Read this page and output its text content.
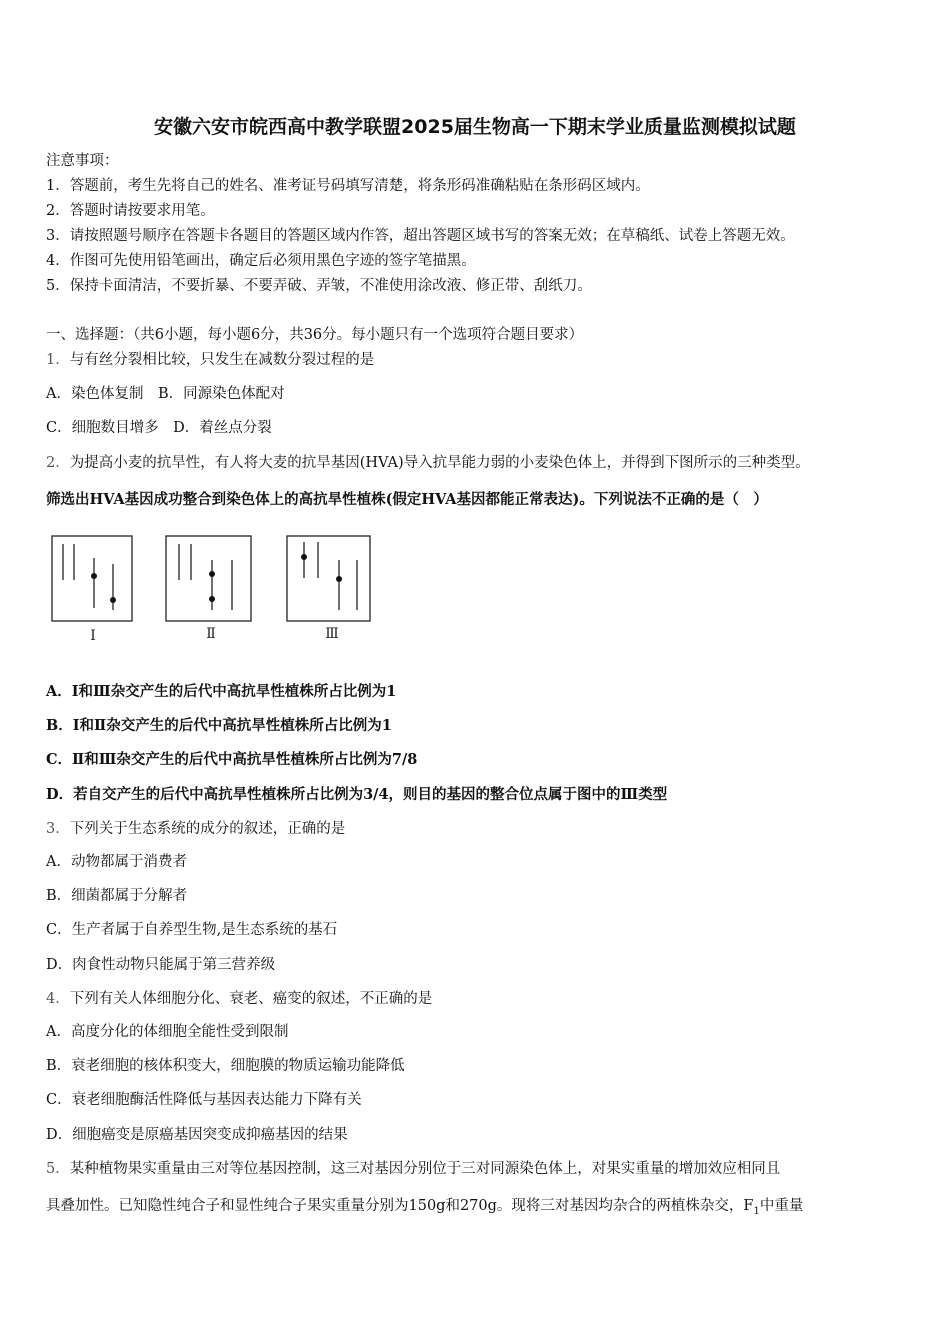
安徽六安市皖西高中教学联盟2025届生物高一下期末学业质量监测模拟试题
注意事项：
1．答题前，考生先将自己的姓名、准考证号码填写清楚，将条形码准确粘贴在条形码区域内。
2．答题时请按要求用笔。
3．请按照题号顺序在答题卡各题目的答题区域内作答，超出答题区域书写的答案无效；在草稿纸、试卷上答题无效。
4．作图可先使用铅笔画出，确定后必须用黑色字迹的签字笔描黑。
5．保持卡面清洁，不要折暴、不要弄破、弄皱，不准使用涂改液、修正带、刮纸刀。
一、选择题：（共6小题，每小题6分，共36分。每小题只有一个选项符合题目要求）
1．与有丝分裂相比较，只发生在减数分裂过程的是
A．染色体复制　B．同源染色体配对
C．细胞数目增多　D．着丝点分裂
2．为提高小麦的抗旱性，有人将大麦的抗旱基因(HVA)导入抗旱能力弱的小麦染色体上，并得到下图所示的三种类型。
筛选出HVA基因成功整合到染色体上的高抗旱性植株(假定HVA基因都能正常表达)。下列说法不正确的是（　）
Ⅰ	Ⅱ	Ⅲ
A．I和Ⅲ杂交产生的后代中高抗旱性植株所占比例为1
B．I和Ⅱ杂交产生的后代中高抗旱性植株所占比例为1
C．Ⅱ和Ⅲ杂交产生的后代中高抗旱性植株所占比例为7/8
D．若自交产生的后代中高抗旱性植株所占比例为3/4，则目的基因的整合位点属于图中的Ⅲ类型
3．下列关于生态系统的成分的叙述，正确的是
A．动物都属于消费者
B．细菌都属于分解者
C．生产者属于自养型生物,是生态系统的基石
D．肉食性动物只能属于第三营养级
4．下列有关人体细胞分化、衰老、癌变的叙述，不正确的是
A．高度分化的体细胞全能性受到限制
B．衰老细胞的核体积变大，细胞膜的物质运输功能降低
C．衰老细胞酶活性降低与基因表达能力下降有关
D．细胞癌变是原癌基因突变成抑癌基因的结果
5．某种植物果实重量由三对等位基因控制，这三对基因分别位于三对同源染色体上，对果实重量的增加效应相同且
具叠加性。已知隐性纯合子和显性纯合子果实重量分别为150g和270g。现将三对基因均杂合的两植株杂交，$F_1$中重量
